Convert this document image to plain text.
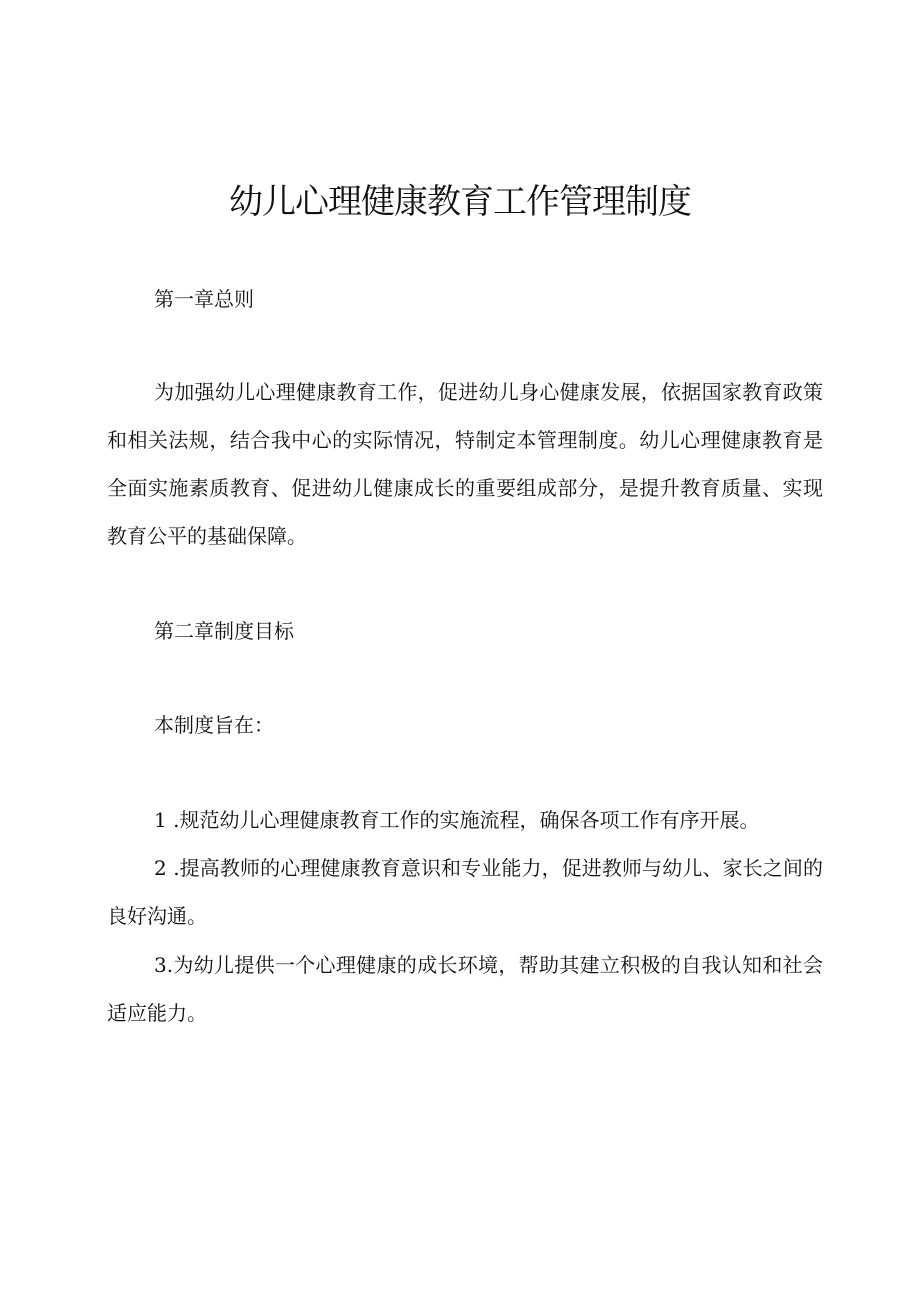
幼儿心理健康教育工作管理制度

第一章总则

为加强幼儿心理健康教育工作，促进幼儿身心健康发展，依据国家教育政策和相关法规，结合我中心的实际情况，特制定本管理制度。幼儿心理健康教育是全面实施素质教育、促进幼儿健康成长的重要组成部分，是提升教育质量、实现教育公平的基础保障。

第二章制度目标

本制度旨在：

1 .规范幼儿心理健康教育工作的实施流程，确保各项工作有序开展。

2 .提高教师的心理健康教育意识和专业能力，促进教师与幼儿、家长之间的良好沟通。

3.为幼儿提供一个心理健康的成长环境，帮助其建立积极的自我认知和社会适应能力。
